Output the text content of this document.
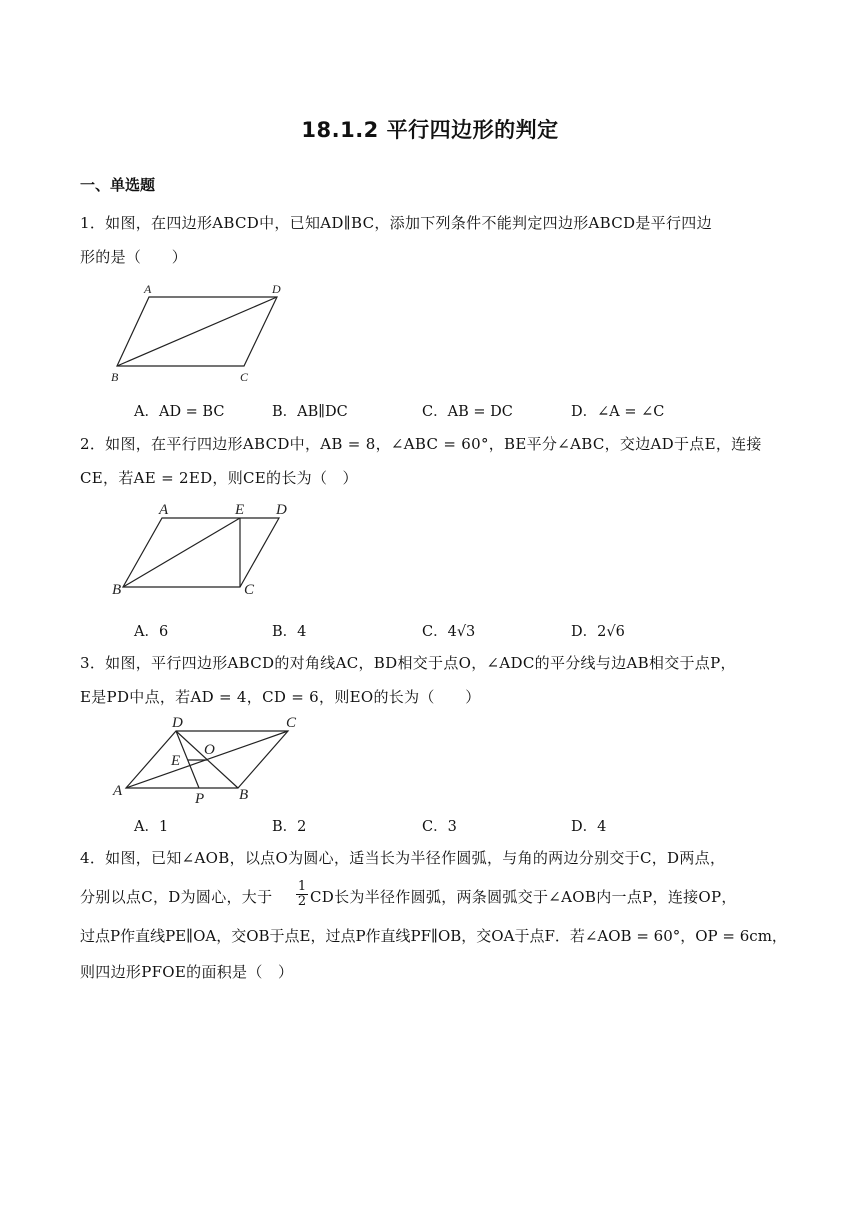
18.1.2 平行四边形的判定
一、单选题
1．如图，在四边形ABCD中，已知AD∥BC，添加下列条件不能判定四边形ABCD是平行四边
形的是（　　）
A	D
B	C
A．AD = BC	B．AB∥DC	C．AB = DC	D．∠A = ∠C
2．如图，在平行四边形ABCD中，AB = 8，∠ABC = 60°，BE平分∠ABC，交边AD于点E，连接
CE，若AE = 2ED，则CE的长为（　）
A	E D
B	C
A．6	B．4	C．4√3	D．2√6
3．如图，平行四边形ABCD的对角线AC，BD相交于点O，∠ADC的平分线与边AB相交于点P，
E是PD中点，若AD = 4，CD = 6，则EO的长为（　　）
D	C
E
O
A	P B
A．1	B．2	C．3	D．4
4．如图，已知∠AOB，以点O为圆心，适当长为半径作圆弧，与角的两边分别交于C，D两点，
分别以点C，D为圆心，大于 $\frac{1}{2}$ CD长为半径作圆弧，两条圆弧交于∠AOB内一点P，连接OP，
过点P作直线PE∥OA，交OB于点E，过点P作直线PF∥OB，交OA于点F．若∠AOB = 60°，OP = 6cm，
则四边形PFOE的面积是（　）
